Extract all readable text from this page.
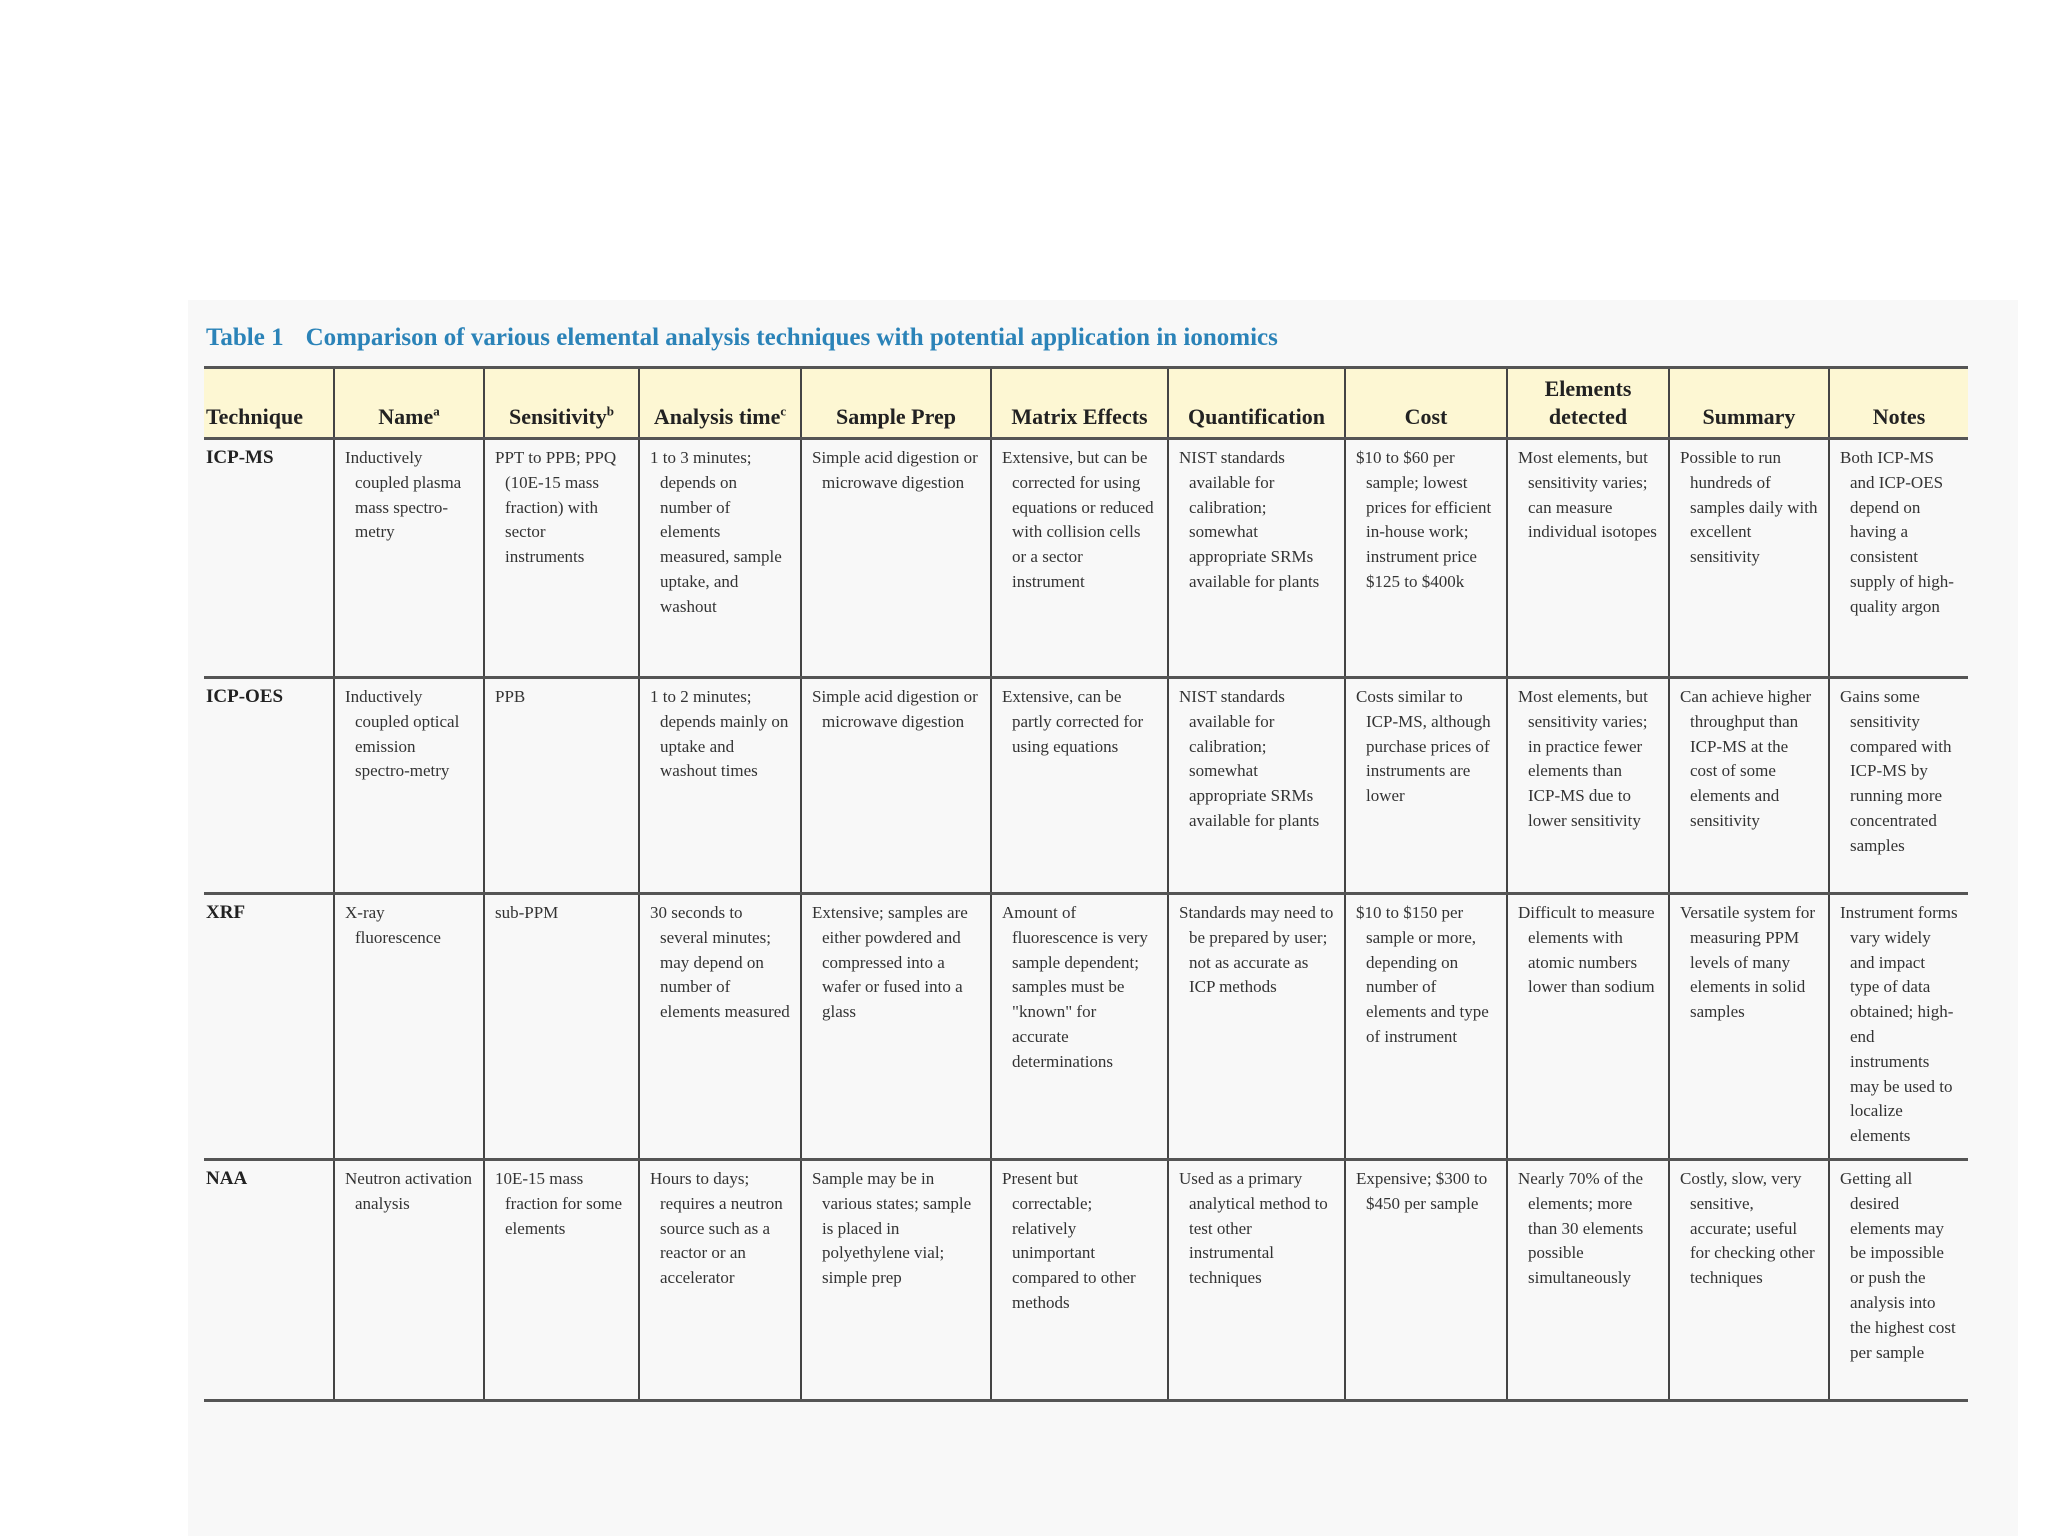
Table 1 Comparison of various elemental analysis techniques with potential application in ionomics
Technique	Name$^a$	Sensitivity$^b$	Analysis time$^c$	Sample Prep	Matrix Effects	Quantification	Cost	Elements detected	Summary	Notes
ICP-MS	Inductively coupled plasma mass spectro-metry	PPT to PPB; PPQ (10E-15 mass fraction) with sector instruments	1 to 3 minutes; depends on number of elements measured, sample uptake, and washout	Simple acid digestion or microwave digestion	Extensive, but can be corrected for using equations or reduced with collision cells or a sector instrument	NIST standards available for calibration; somewhat appropriate SRMs available for plants	$10 to $60 per sample; lowest prices for efficient in-house work; instrument price $125 to $400k	Most elements, but sensitivity varies; can measure individual isotopes	Possible to run hundreds of samples daily with excellent sensitivity	Both ICP-MS and ICP-OES depend on having a consistent supply of high-quality argon
ICP-OES	Inductively coupled optical emission spectro-metry	PPB	1 to 2 minutes; depends mainly on uptake and washout times	Simple acid digestion or microwave digestion	Extensive, can be partly corrected for using equations	NIST standards available for calibration; somewhat appropriate SRMs available for plants	Costs similar to ICP-MS, although purchase prices of instruments are lower	Most elements, but sensitivity varies; in practice fewer elements than ICP-MS due to lower sensitivity	Can achieve higher throughput than ICP-MS at the cost of some elements and sensitivity	Gains some sensitivity compared with ICP-MS by running more concentrated samples
XRF	X-ray fluorescence	sub-PPM	30 seconds to several minutes; may depend on number of elements measured	Extensive; samples are either powdered and compressed into a wafer or fused into a glass	Amount of fluorescence is very sample dependent; samples must be "known" for accurate determinations	Standards may need to be prepared by user; not as accurate as ICP methods	$10 to $150 per sample or more, depending on number of elements and type of instrument	Difficult to measure elements with atomic numbers lower than sodium	Versatile system for measuring PPM levels of many elements in solid samples	Instrument forms vary widely and impact type of data obtained; high-end instruments may be used to localize elements
NAA	Neutron activation analysis	10E-15 mass fraction for some elements	Hours to days; requires a neutron source such as a reactor or an accelerator	Sample may be in various states; sample is placed in polyethylene vial; simple prep	Present but correctable; relatively unimportant compared to other methods	Used as a primary analytical method to test other instrumental techniques	Expensive; $300 to $450 per sample	Nearly 70% of the elements; more than 30 elements possible simultaneously	Costly, slow, very sensitive, accurate; useful for checking other techniques	Getting all desired elements may be impossible or push the analysis into the highest cost per sample
